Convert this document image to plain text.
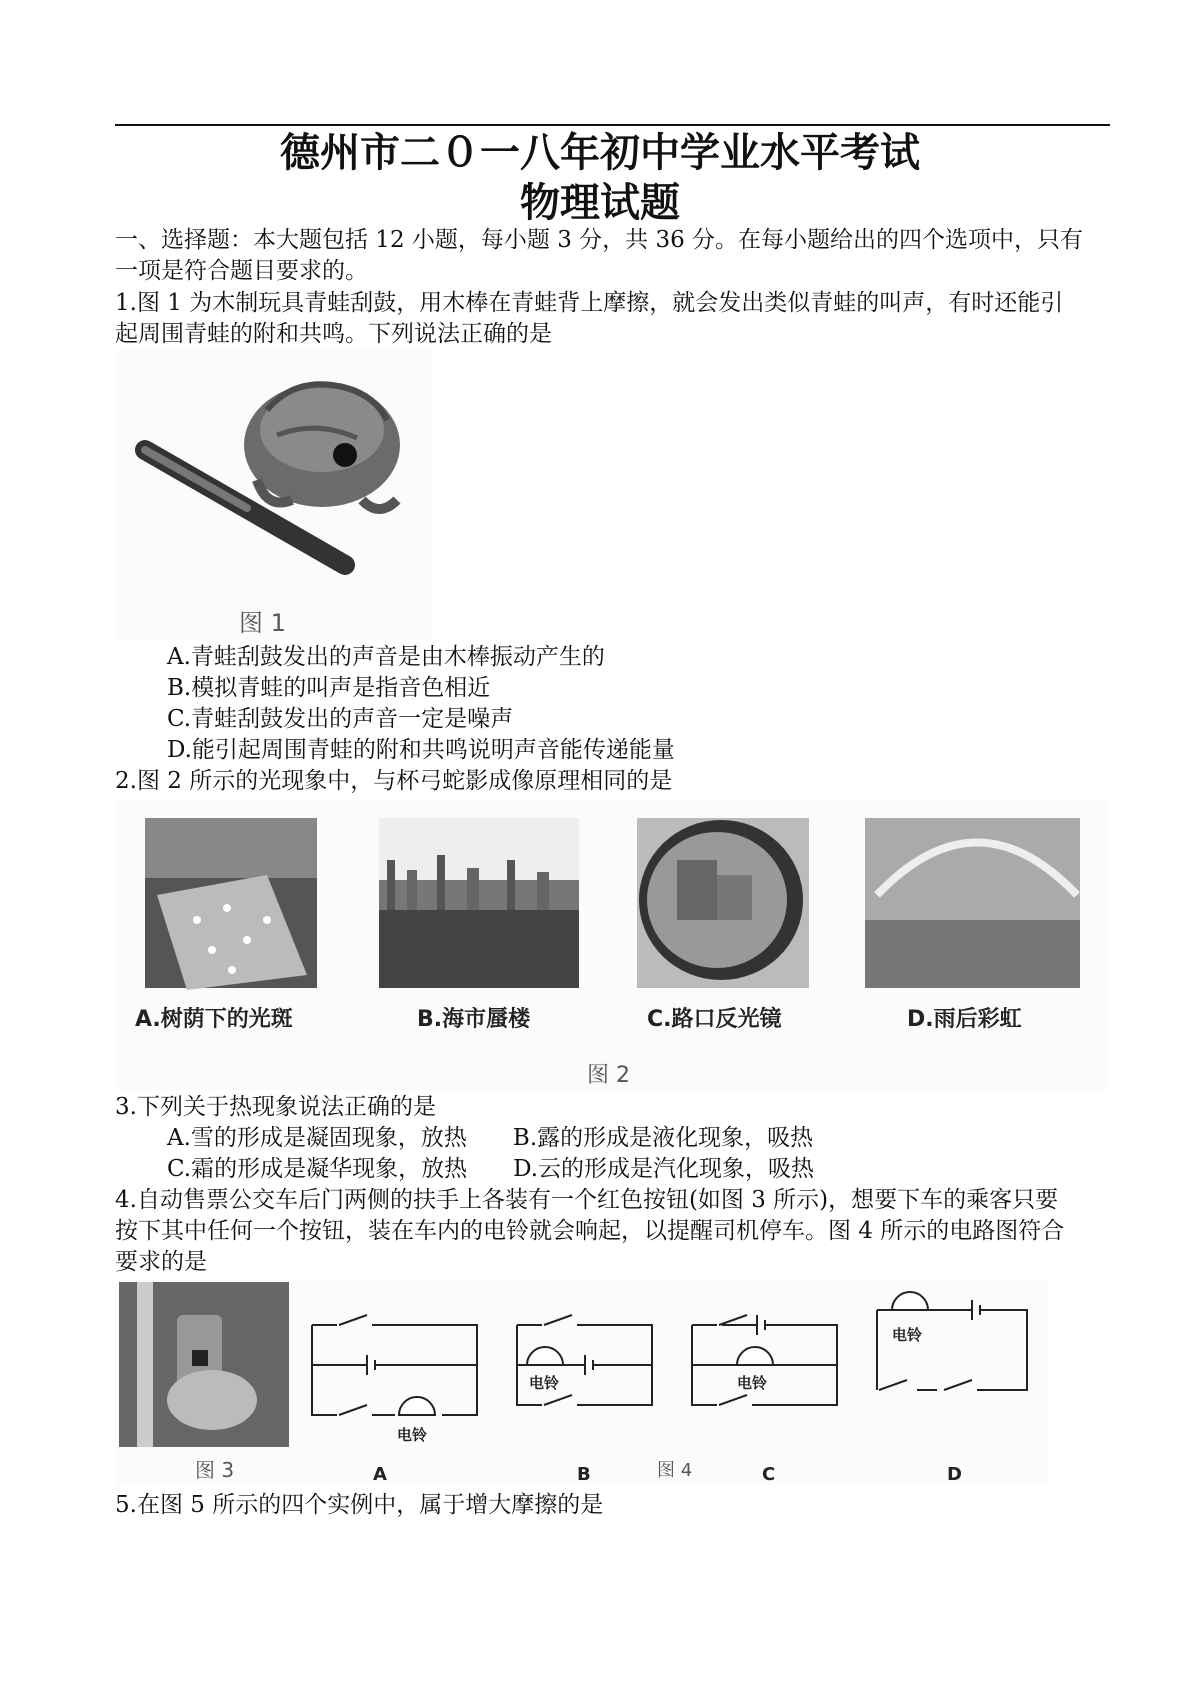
德州市二０一八年初中学业水平考试
物理试题
一、选择题：本大题包括 12 小题，每小题 3 分，共 36 分。在每小题给出的四个选项中，只有
一项是符合题目要求的。
1.图 1 为木制玩具青蛙刮鼓，用木棒在青蛙背上摩擦，就会发出类似青蛙的叫声，有时还能引
起周围青蛙的附和共鸣。下列说法正确的是
图 1
A.青蛙刮鼓发出的声音是由木棒振动产生的
B.模拟青蛙的叫声是指音色相近
C.青蛙刮鼓发出的声音一定是噪声
D.能引起周围青蛙的附和共鸣说明声音能传递能量
2.图 2 所示的光现象中，与杯弓蛇影成像原理相同的是
A.树荫下的光斑	B.海市蜃楼	C.路口反光镜	D.雨后彩虹
图 2
3.下列关于热现象说法正确的是
A.雪的形成是凝固现象，放热　　B.露的形成是液化现象，吸热
C.霜的形成是凝华现象，放热　　D.云的形成是汽化现象，吸热
4.自动售票公交车后门两侧的扶手上各装有一个红色按钮(如图 3 所示)，想要下车的乘客只要
按下其中任何一个按钮，装在车内的电铃就会响起，以提醒司机停车。图 4 所示的电路图符合
要求的是
图 3
电铃
A
电铃
B
电铃
C
电铃
D
图 4
5.在图 5 所示的四个实例中，属于增大摩擦的是
